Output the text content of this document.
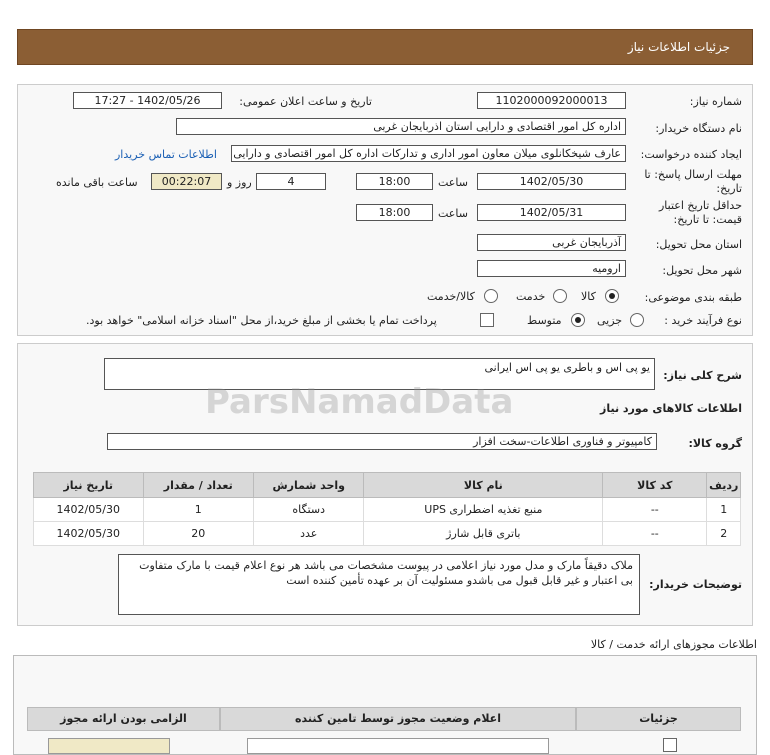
جزئیات اطلاعات نیاز
شماره نیاز:
1102000092000013
تاریخ و ساعت اعلان عمومی:
1402/05/26 - 17:27
نام دستگاه خریدار:
اداره کل امور اقتصادی و دارایی استان اذربایجان غربی
ایجاد کننده درخواست:
عارف شیخکانلوی میلان معاون امور اداری و تداركات اداره کل امور اقتصادی و دارایی
اطلاعات تماس خریدار
مهلت ارسال پاسخ: تا تاریخ:
1402/05/30
ساعت
18:00
4
روز و
00:22:07
ساعت باقی مانده
حداقل تاریخ اعتبار قیمت: تا تاریخ:
1402/05/31
ساعت
18:00
استان محل تحویل:
آذربایجان غربی
شهر محل تحویل:
ارومیه
طبقه بندی موضوعی:
کالا
خدمت
کالا/خدمت
نوع فرآیند خرید :
جزیی
متوسط
پرداخت تمام یا بخشی از مبلغ خرید،از محل "اسناد خزانه اسلامی" خواهد بود.
شرح کلی نیاز:
یو پی اس و باطری یو پی اس ایرانی
اطلاعات کالاهای مورد نیاز
گروه کالا:
کامپیوتر و فناوری اطلاعات-سخت افزار
ردیف	کد کالا	نام کالا	واحد شمارش	تعداد / مقدار	تاریخ نیاز
1	--	منبع تغذیه اضطراری UPS	دستگاه	1	1402/05/30
2	--	باتری قابل شارژ	عدد	20	1402/05/30
توضیحات خریدار:
ملاک دقیقاً مارک و مدل مورد نیاز اعلامی در پیوست مشخصات می باشد هر نوع اعلام قیمت با مارک متفاوت بی اعتبار و غیر قابل قبول می باشدو مسئولیت آن بر عهده تأمین کننده است
اطلاعات مجوزهای ارائه خدمت / کالا
جزئیات
اعلام وضعیت مجوز توسط تامین کننده
الزامی بودن ارائه مجوز
ParsNamadData
